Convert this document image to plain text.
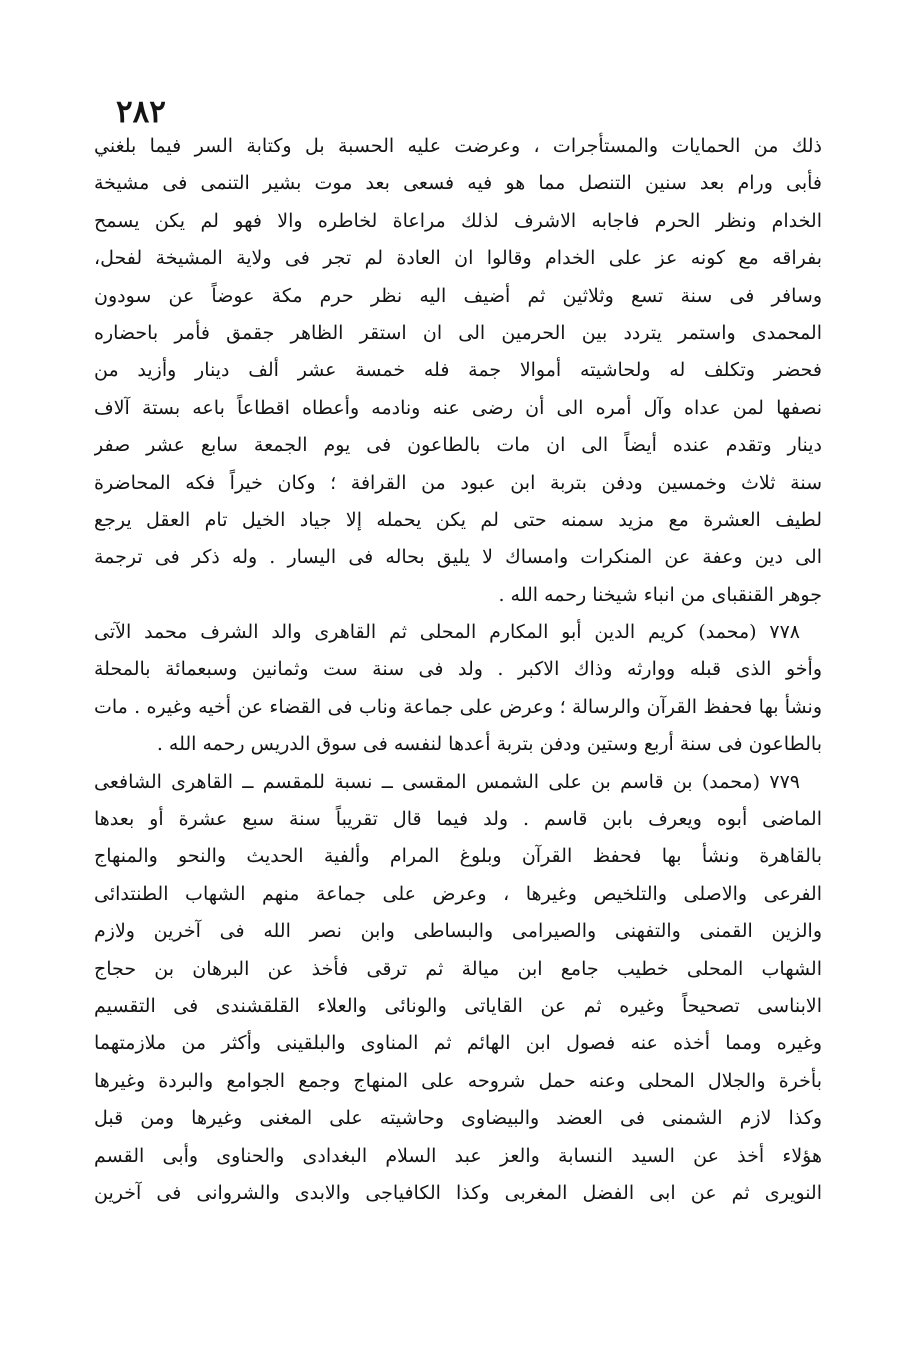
٢٨٢
ذلك من الحمايات والمستأجرات ، وعرضت عليه الحسبة بل وكتابة السر فيما بلغني
فأبى ورام بعد سنين التنصل مما هو فيه فسعى بعد موت بشير التنمى فى مشيخة
الخدام ونظر الحرم فاجابه الاشرف لذلك مراعاة لخاطره والا فهو لم يكن يسمح
بفراقه مع كونه عز على الخدام وقالوا ان العادة لم تجر فى ولاية المشيخة لفحل،
وسافر فى سنة تسع وثلاثين ثم أضيف اليه نظر حرم مكة عوضاً عن سودون
المحمدى واستمر يتردد بين الحرمين الى ان استقر الظاهر جقمق فأمر باحضاره
فحضر وتكلف له ولحاشيته أموالا جمة فله خمسة عشر ألف دينار وأزيد من
نصفها لمن عداه وآل أمره الى أن رضى عنه ونادمه وأعطاه اقطاعاً باعه بستة آلاف
دينار وتقدم عنده أيضاً الى ان مات بالطاعون فى يوم الجمعة سابع عشر صفر
سنة ثلاث وخمسين ودفن بتربة ابن عبود من القرافة ؛ وكان خيراً فكه المحاضرة
لطيف العشرة مع مزيد سمنه حتى لم يكن يحمله إلا جياد الخيل تام العقل يرجع
الى دين وعفة عن المنكرات وامساك لا يليق بحاله فى اليسار . وله ذكر فى ترجمة
جوهر القنقباى من انباء شيخنا رحمه الله .
٧٧٨ (محمد) كريم الدين أبو المكارم المحلى ثم القاهرى والد الشرف محمد الآتى
وأخو الذى قبله ووارثه وذاك الاكبر . ولد فى سنة ست وثمانين وسبعمائة بالمحلة
ونشأ بها فحفظ القرآن والرسالة ؛ وعرض على جماعة وناب فى القضاء عن أخيه وغيره . مات
بالطاعون فى سنة أربع وستين ودفن بتربة أعدها لنفسه فى سوق الدريس رحمه الله .
٧٧٩ (محمد) بن قاسم بن على الشمس المقسى ــ نسبة للمقسم ــ القاهرى الشافعى
الماضى أبوه ويعرف بابن قاسم . ولد فيما قال تقريباً سنة سبع عشرة أو بعدها
بالقاهرة ونشأ بها فحفظ القرآن وبلوغ المرام وألفية الحديث والنحو والمنهاج
الفرعى والاصلى والتلخيص وغيرها ، وعرض على جماعة منهم الشهاب الطنتدائى
والزين القمنى والتفهنى والصيرامى والبساطى وابن نصر الله فى آخرين ولازم
الشهاب المحلى خطيب جامع ابن ميالة ثم ترقى فأخذ عن البرهان بن حجاج
الابناسى تصحيحاً وغيره ثم عن القاياتى والونائى والعلاء القلقشندى فى التقسيم
وغيره ومما أخذه عنه فصول ابن الهائم ثم المناوى والبلقينى وأكثر من ملازمتهما
بأخرة والجلال المحلى وعنه حمل شروحه على المنهاج وجمع الجوامع والبردة وغيرها
وكذا لازم الشمنى فى العضد والبيضاوى وحاشيته على المغنى وغيرها ومن قبل
هؤلاء أخذ عن السيد النسابة والعز عبد السلام البغدادى والحناوى وأبى القسم
النويرى ثم عن ابى الفضل المغربى وكذا الكافياجى والابدى والشروانى فى آخرين
